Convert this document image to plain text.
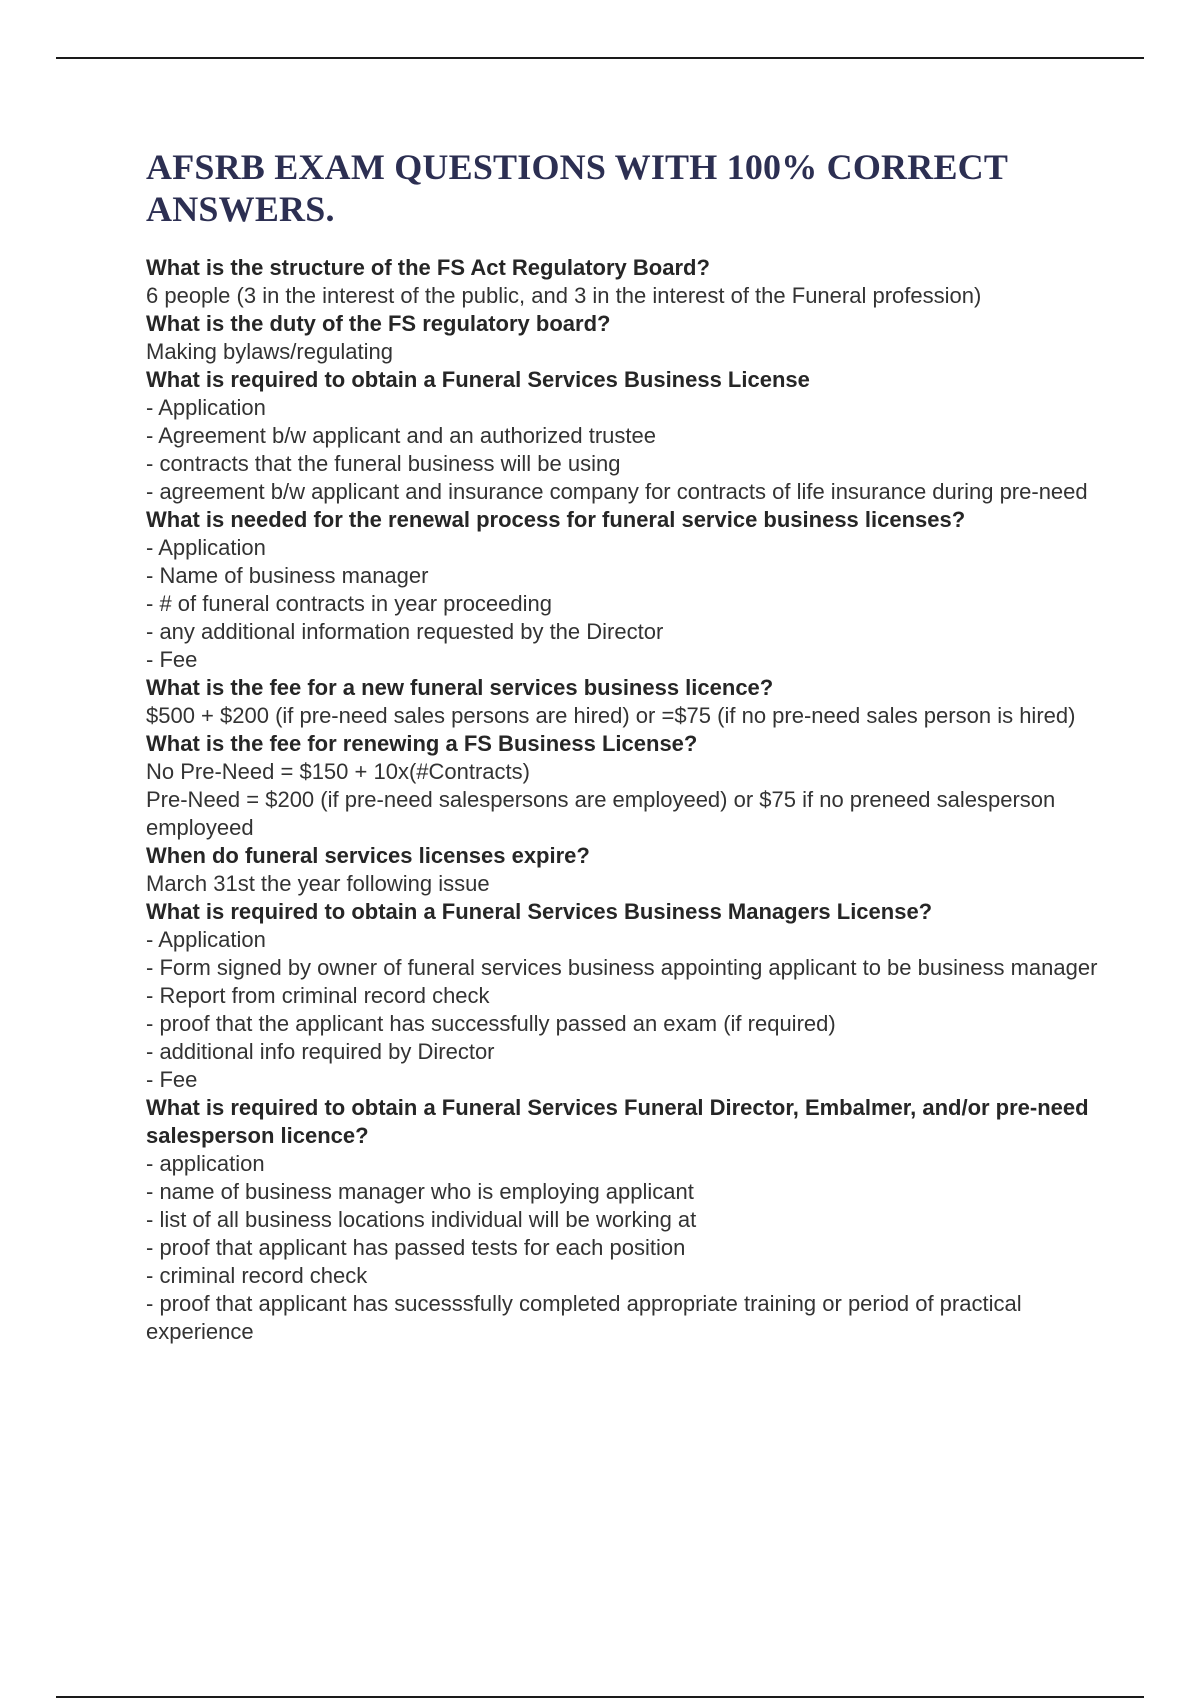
AFSRB EXAM QUESTIONS WITH 100% CORRECT ANSWERS.

What is the structure of the FS Act Regulatory Board?

6 people (3 in the interest of the public, and 3 in the interest of the Funeral profession)

What is the duty of the FS regulatory board?

Making bylaws/regulating

What is required to obtain a Funeral Services Business License

- Application
- Agreement b/w applicant and an authorized trustee
- contracts that the funeral business will be using
- agreement b/w applicant and insurance company for contracts of life insurance during pre-need

What is needed for the renewal process for funeral service business licenses?

- Application
- Name of business manager
- # of funeral contracts in year proceeding
- any additional information requested by the Director
- Fee

What is the fee for a new funeral services business licence?

$500 + $200 (if pre-need sales persons are hired) or =$75 (if no pre-need sales person is hired)

What is the fee for renewing a FS Business License?

No Pre-Need = $150 + 10x(#Contracts)
Pre-Need = $200 (if pre-need salespersons are employeed) or $75 if no preneed salesperson employeed

When do funeral services licenses expire?

March 31st the year following issue

What is required to obtain a Funeral Services Business Managers License?

- Application
- Form signed by owner of funeral services business appointing applicant to be business manager
- Report from criminal record check
- proof that the applicant has successfully passed an exam (if required)
- additional info required by Director
- Fee

What is required to obtain a Funeral Services Funeral Director, Embalmer, and/or pre-need salesperson licence?

- application
- name of business manager who is employing applicant
- list of all business locations individual will be working at
- proof that applicant has passed tests for each position
- criminal record check
- proof that applicant has sucesssfully completed appropriate training or period of practical experience
